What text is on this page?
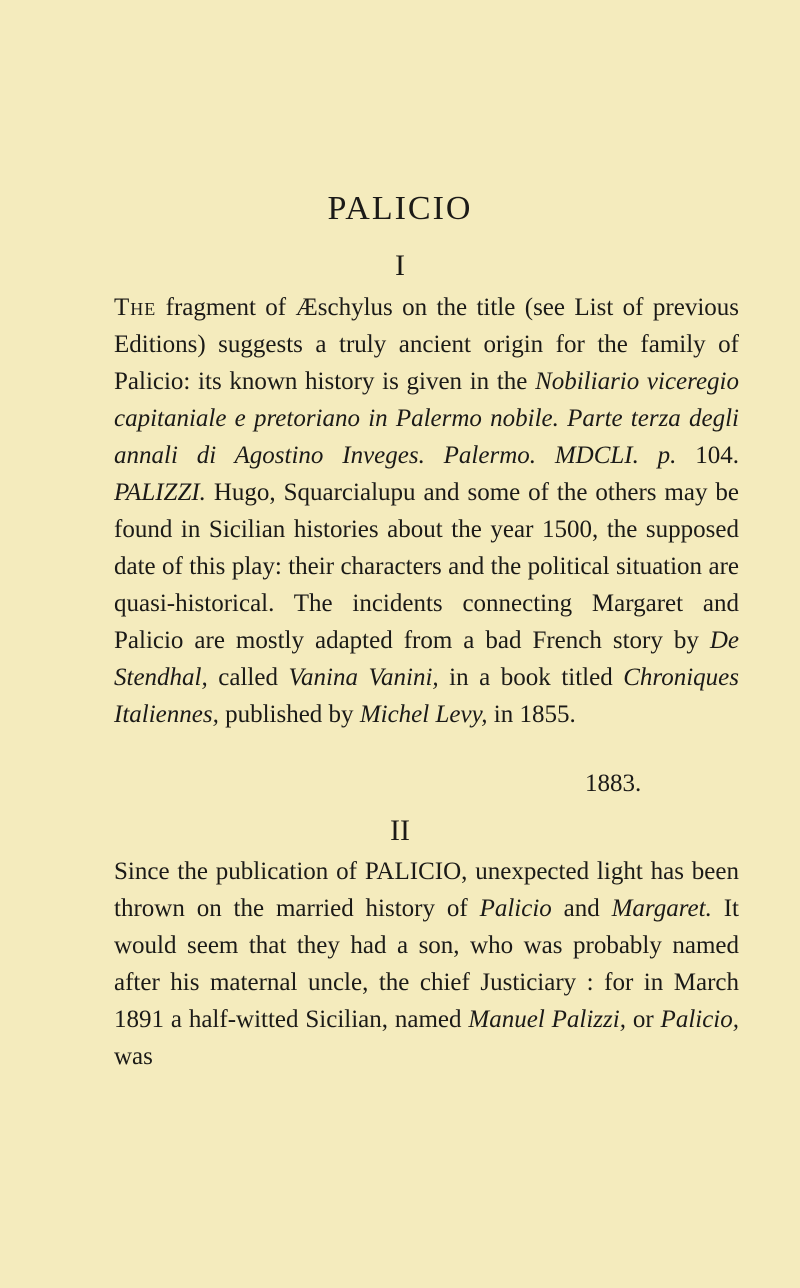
PALICIO
I
The fragment of Æschylus on the title (see List of previous Editions) suggests a truly ancient origin for the family of Palicio: its known history is given in the Nobiliario viceregio capitaniale e pretoriano in Palermo nobile. Parte terza degli annali di Agostino Inveges. Palermo. MDCLI. p. 104. PALIZZI. Hugo, Squarcialupu and some of the others may be found in Sicilian histories about the year 1500, the supposed date of this play: their characters and the political situation are quasi-historical. The incidents connecting Margaret and Palicio are mostly adapted from a bad French story by De Stendhal, called Vanina Vanini, in a book titled Chroniques Italiennes, published by Michel Levy, in 1855.
1883.
II
Since the publication of PALICIO, unexpected light has been thrown on the married history of Palicio and Margaret. It would seem that they had a son, who was probably named after his maternal uncle, the chief Justiciary : for in March 1891 a half-witted Sicilian, named Manuel Palizzi, or Palicio, was
